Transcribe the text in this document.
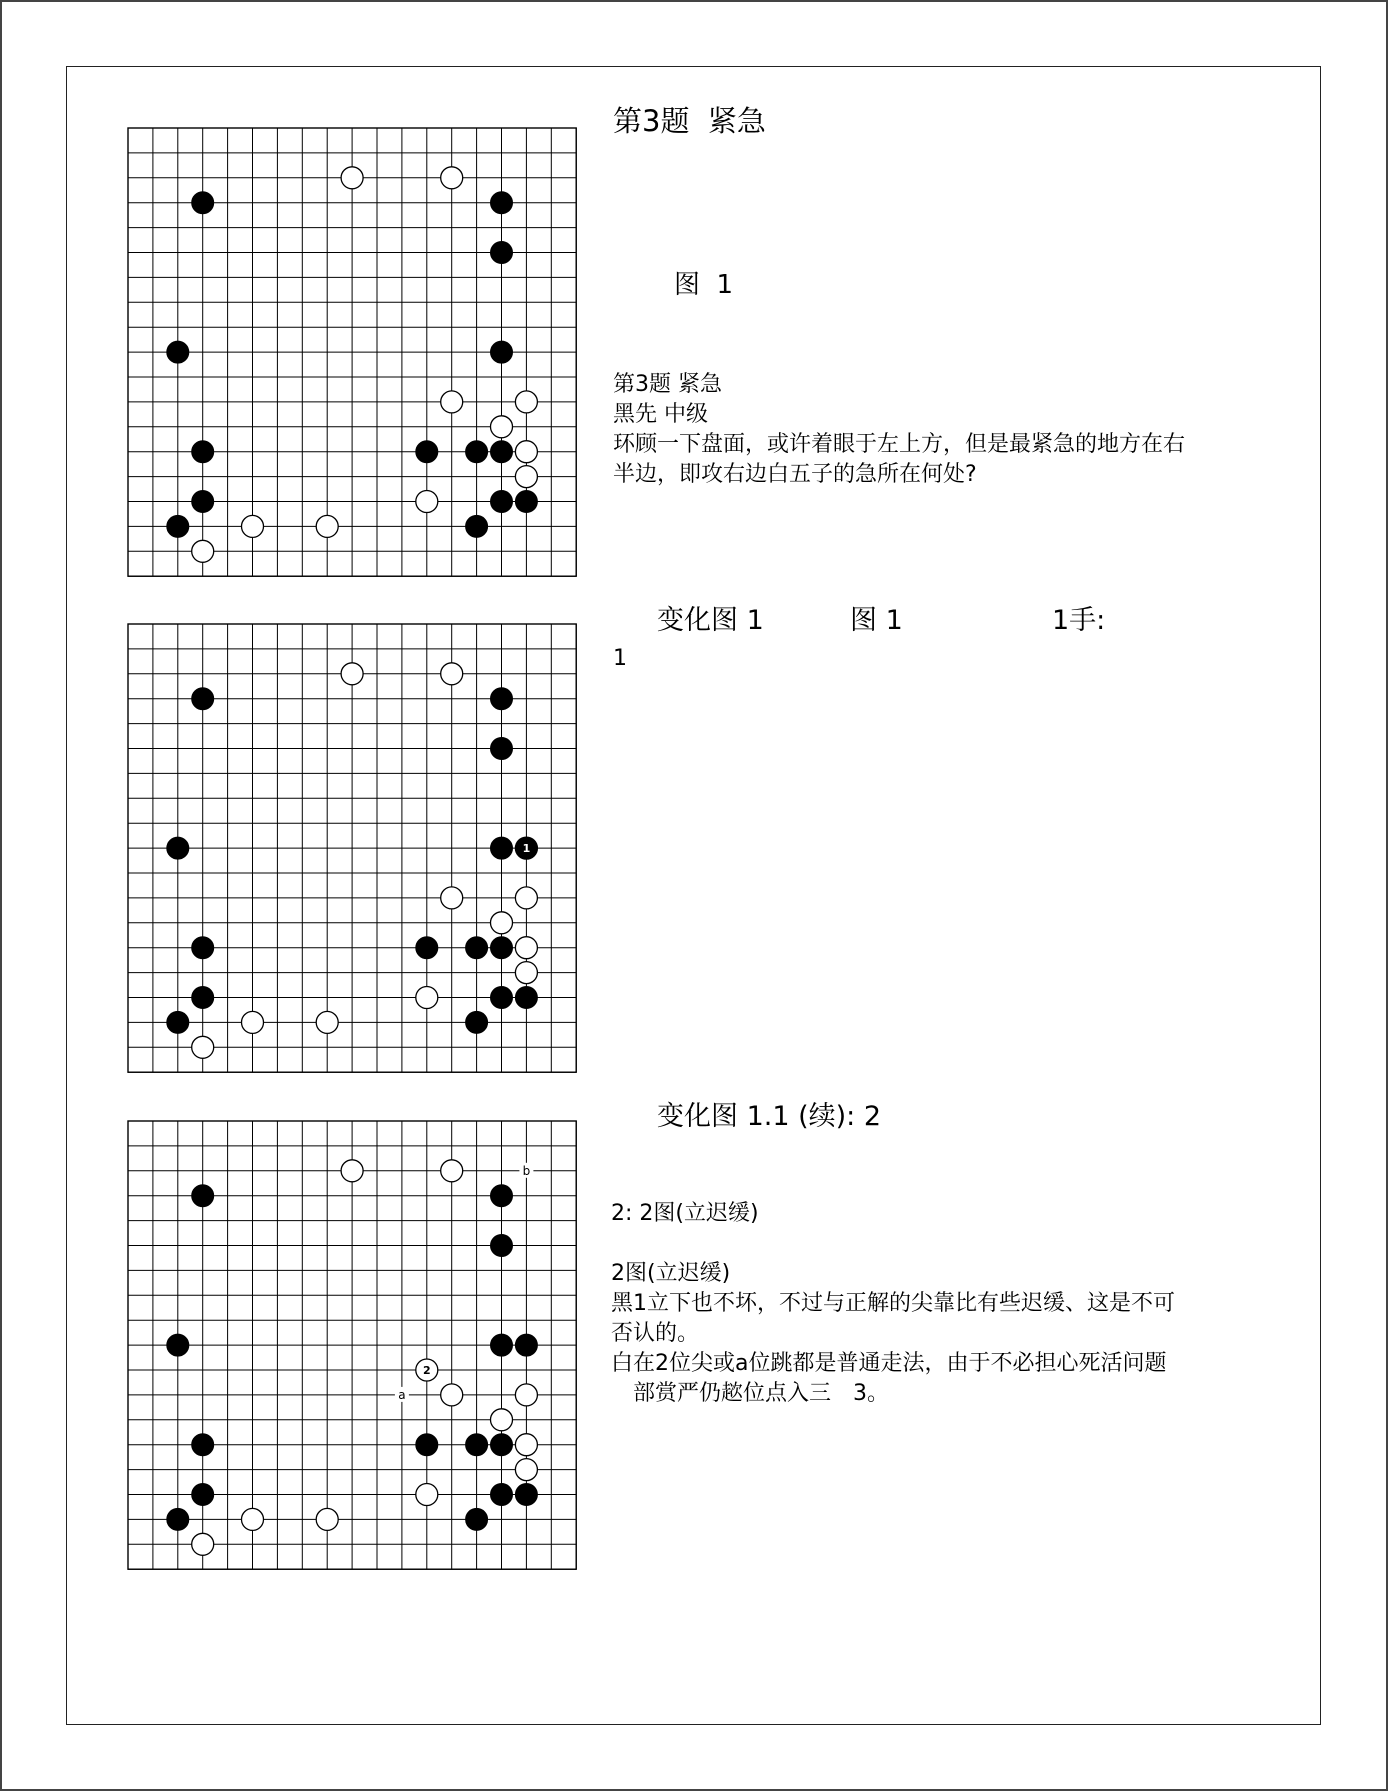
1
2
b
a
第3题  紧急
图  1
第3题 紧急
黑先 中级
环顾一下盘面，或许着眼于左上方，但是最紧急的地方在右
半边，即攻右边白五子的急所在何处?
变化图 1	图 1	1手:
1
变化图 1.1 (续): 2
2: 2图(立迟缓)
2图(立迟缓)
黑1立下也不坏，不过与正解的尖靠比有些迟缓、这是不可
否认的。
白在2位尖或a位跳都是普通走法，由于不必担心死活问题
　部赏严仍趑位点入三　3。
